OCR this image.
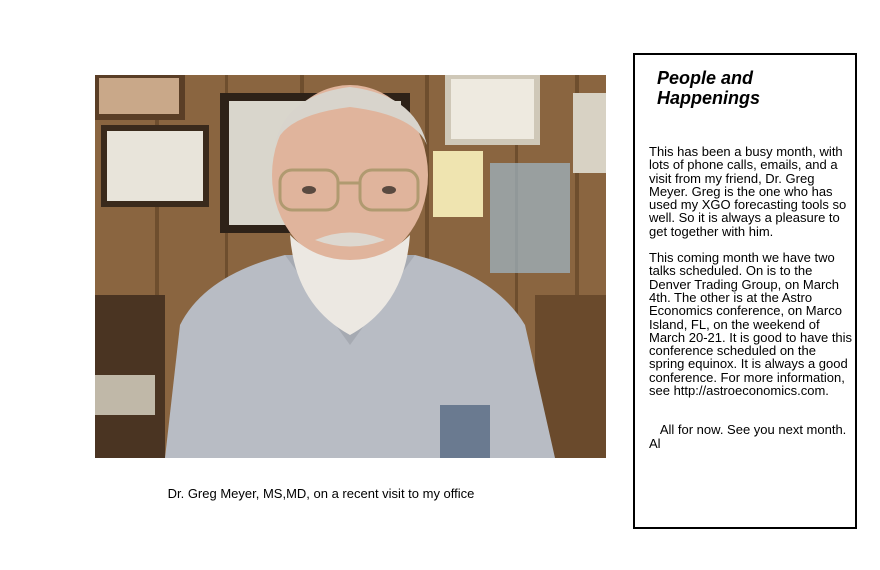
Dr. Greg Meyer, MS,MD, on a recent visit to my office
People and Happenings

This has been a busy month, with lots of phone calls, emails, and a visit from my friend, Dr. Greg Meyer. Greg is the one who has used my XGO forecasting tools so well. So it is always a pleasure to get together with him.

This coming month we have two talks scheduled. On is to the Denver Trading Group, on March 4th. The other is at the Astro Economics conference, on Marco Island, FL, on the weekend of March 20-21. It is good to have this conference scheduled on the spring equinox. It is always a good conference. For more information, see http://astroeconomics.com.

All for now. See you next month.     Al
